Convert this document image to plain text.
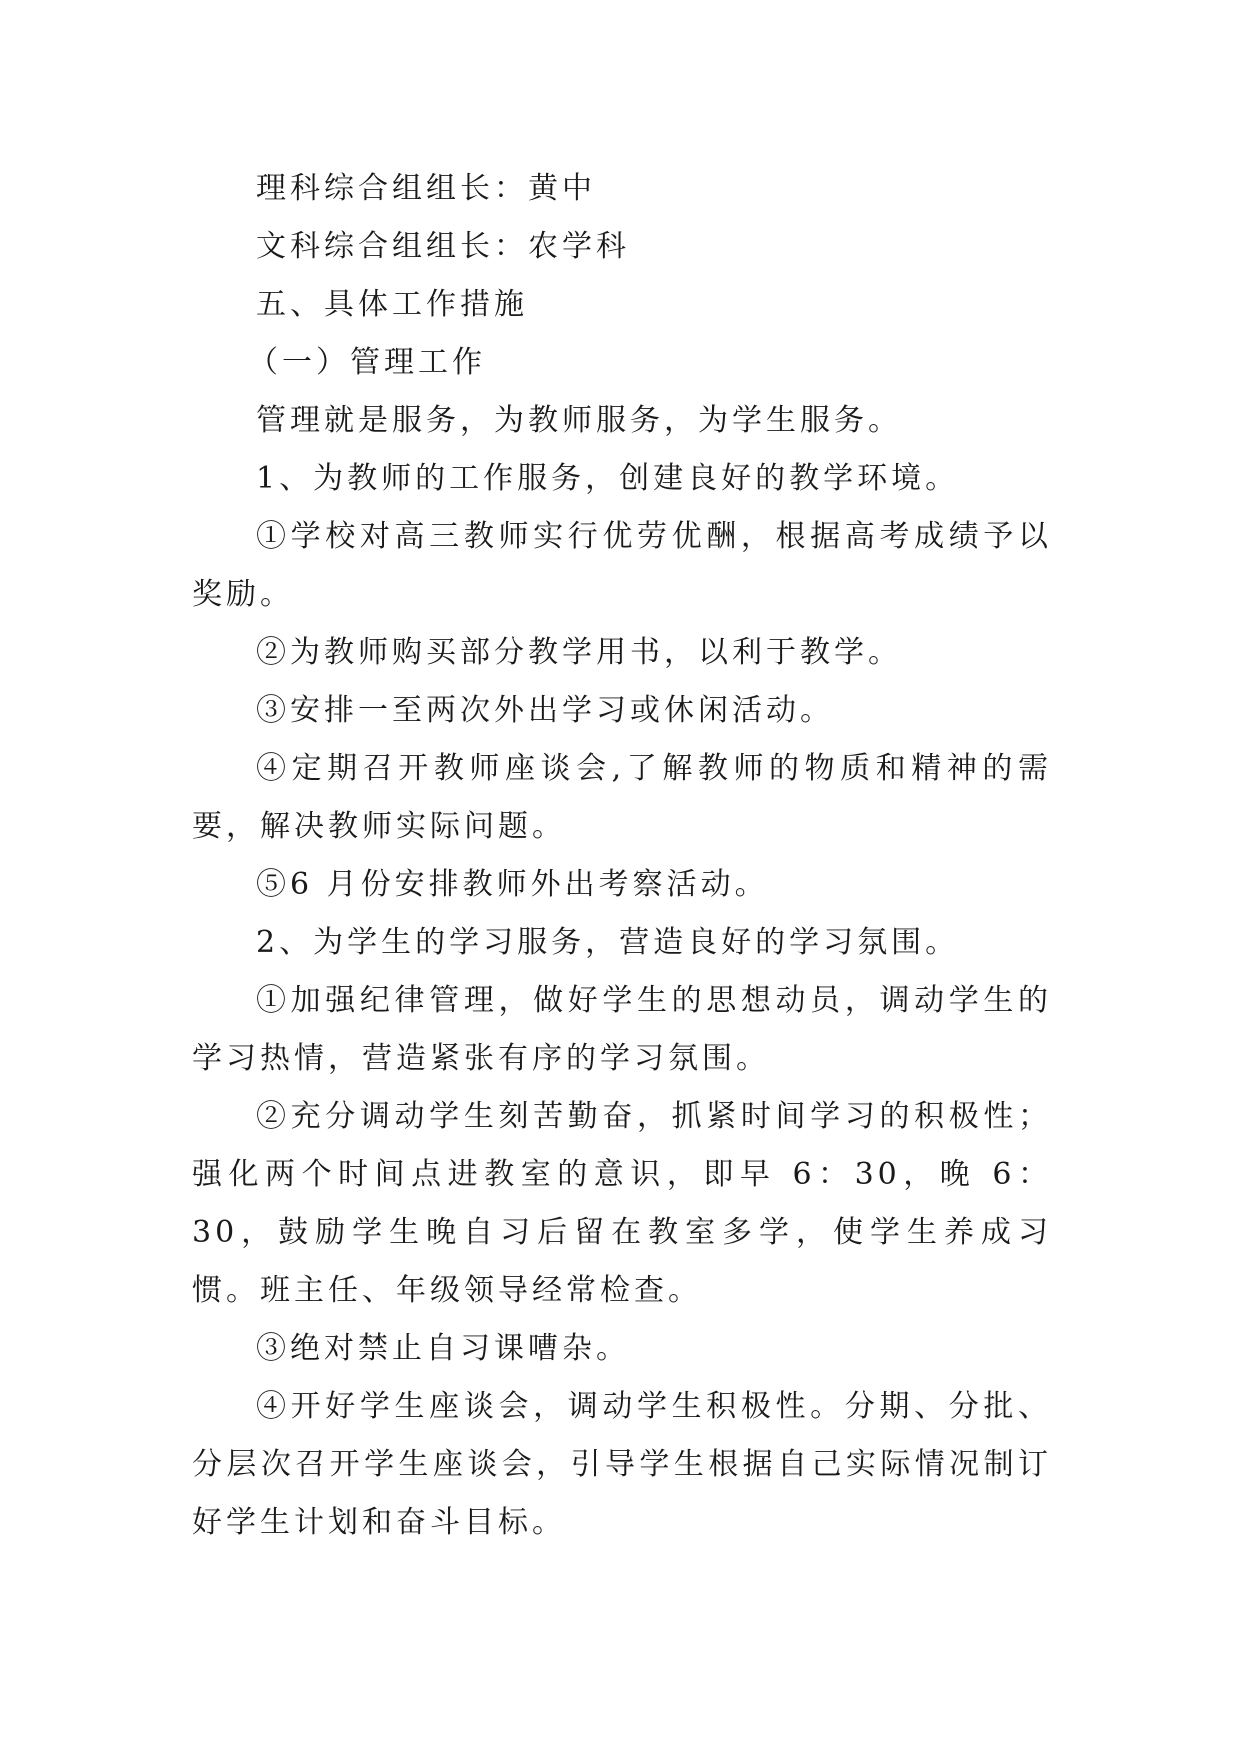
理科综合组组长：黄中

文科综合组组长：农学科

五、具体工作措施

（一）管理工作

管理就是服务，为教师服务，为学生服务。

1、为教师的工作服务，创建良好的教学环境。

①学校对高三教师实行优劳优酬，根据高考成绩予以奖励。

②为教师购买部分教学用书，以利于教学。

③安排一至两次外出学习或休闲活动。

④定期召开教师座谈会,了解教师的物质和精神的需要，解决教师实际问题。

⑤6 月份安排教师外出考察活动。

2、为学生的学习服务，营造良好的学习氛围。

①加强纪律管理，做好学生的思想动员，调动学生的学习热情，营造紧张有序的学习氛围。

②充分调动学生刻苦勤奋，抓紧时间学习的积极性；强化两个时间点进教室的意识，即早 6：30，晚 6：30，鼓励学生晚自习后留在教室多学，使学生养成习惯。班主任、年级领导经常检查。

③绝对禁止自习课嘈杂。

④开好学生座谈会，调动学生积极性。分期、分批、分层次召开学生座谈会，引导学生根据自己实际情况制订好学生计划和奋斗目标。
